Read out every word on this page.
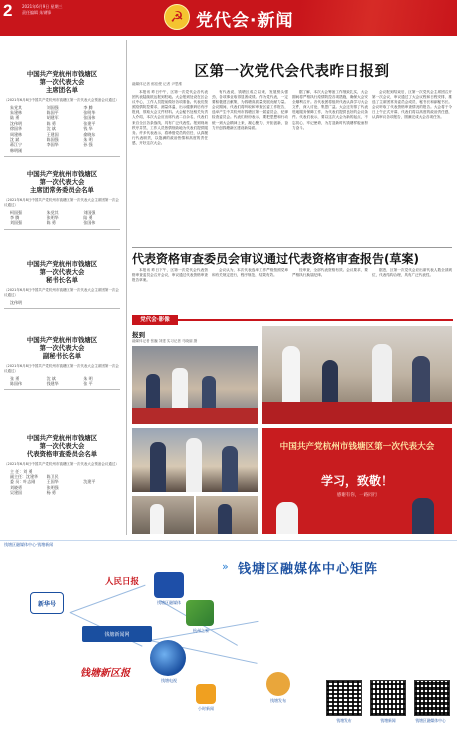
2 2021年6月9日 星期三
责任编辑 朱钢锋	☭ 党代会·新闻
中国共产党杭州市钱塘区
第一次代表大会
主席团名单
（2021年6月8日中国共产党杭州市钱塘区第一次代表大会预备会议通过）
朱党其	刘国强	李 腾
朱建林	陈国平	张明华
陆 勇	胡建军	张国伟
沈伟明	陈 勇	张建平
徐国华	沈 斌	钱 华
周建林	王建国	俞晓东
沈 斌	陈国强	朱 明
蒋江宁	李国华	孙 强
韩明刚
中国共产党杭州市钱塘区
第一次代表大会
主席团常务委员会名单
（2021年6月8日中国共产党杭州市钱塘区第一次代表大会主席团第一次会议通过）
柯国强	朱党其	刘国强
李 腾	张明华	陆 勇
刘国强	陈 勇	张国伟
中国共产党杭州市钱塘区
第一次代表大会
秘书长名单
（2021年6月8日中国共产党杭州市钱塘区第一次代表大会主席团第一次会议通过）
沈伟明
中国共产党杭州市钱塘区
第一次代表大会
副秘书长名单
（2021年6月8日中国共产党杭州市钱塘区第一次代表大会主席团第一次会议通过）
张 勇	沈 斌	朱 明
陈国伟	钱建华	张 平
中国共产党杭州市钱塘区
第一次代表大会
代表资格审查委员会名单
（2021年6月8日中国共产党杭州市钱塘区第一次代表大会预备会议通过）
主 任：刘 勇
副主任：沈建华	陈卫民
委 员：叶志刚	王国华	沈建平
刘晓勇	张明强
吴建国	杨 勇
区第一次党代会代表昨日报到
融媒体记者 郁佳俊 记者 尹思维
本报讯 昨日中午，区第一次党代会各代表团代表陆续抵达报到驻地。大会报到处设在区会议中心，工作人员提前做好各项准备。代表们按照疫情防控要求，测量体温、出示健康码后有序报到，领取大会文件材料。大会秘书处相关负责人介绍，本次大会应出席代表二百余名，代表们来自全区各条战线，具有广泛代表性。报到现场秩序井然，工作人员热情细致地为代表们提供服务。许多代表表示，将珍惜党员的信任，认真履行代表职责，以饱满的政治热情和高度的责任感，开好这次大会。
有代表说，钱塘区成立以来，发展势头强劲，各项事业取得显著成绩。作为党代表，一定要积极建言献策，为钱塘高质量发展贡献力量。会议期间，代表们将听取和审查区委工作报告，选举产生中共杭州市钱塘区第一届委员会、纪律检查委员会。代表们纷纷表示，要把思想和行动统一到大会精神上来，凝心聚力、开拓创新，奋力开创钱塘新区建设新局面。
据了解，本次大会筹备工作细致扎实，大会期间将严格执行疫情防控各项措施，确保大会安全顺利召开。各代表团将组织代表认真学习大会文件，深入讨论，集思广益。大会还安排了代表驻地服务保障工作，为代表们提供良好的会议条件。代表们表示，要以这次大会为新的起点，不忘初心、牢记使命，为打造新时代钱塘样板而努力奋斗。
会议报到结束后，区第一次党代会主席团召开第一次会议，审议通过了大会议程和日程安排，推选了主席团常务委员会成员、秘书长和副秘书长。会议听取了代表资格审查情况的报告。大会将于今日上午正式开幕，代表们将以高度的政治责任感，认真审议各项报告，圆满完成大会各项任务。
代表资格审查委员会审议通过代表资格审查报告(草案)
本报讯 昨日下午，区第一次党代会代表资格审查委员会召开会议，审议通过代表资格审查报告草案。
会议认为，本次代表选举工作严格按照党章和有关规定进行，程序规范、结果有效。
经审查，全部代表资格有效。会议要求，要严格执行换届纪律。
据悉，区第一次党代会应出席代表人数全部到位，代表结构合理，具有广泛代表性。
党代会·影像
报到
融媒体记者 张巍 刘建 实习记者 马晓丽 摄
中国共产党杭州市钱塘区第一次代表大会
学习，致敬！
感谢有你，一路同行
钱塘区融媒体中心·钱塘新闻
» 钱塘区融媒体中心矩阵
人民日报
新华号	钱塘区融媒体
杭州之家
钱塘新闻网
钱塘电视
钱塘新区报
小时新闻
钱塘发布
钱塘发布	钱塘新闻	钱塘区融媒体中心
